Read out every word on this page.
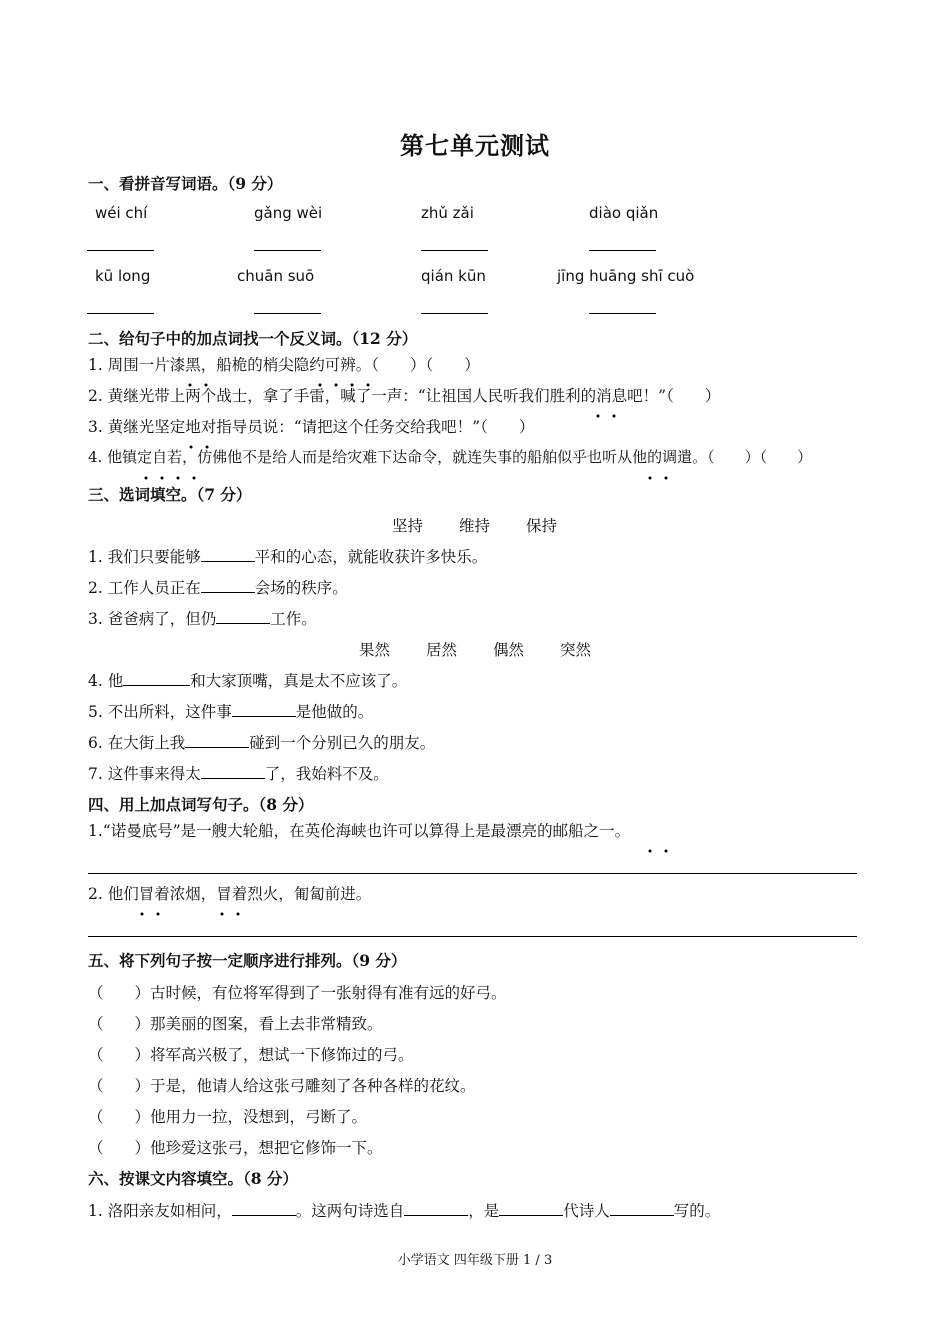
第七单元测试
一、看拼音写词语。（9 分）
wéi chí	gǎng wèi	zhǔ zǎi	diào qiǎn
kū long	chuān suō	qián kūn	jīng huāng shī cuò
二、给句子中的加点词找一个反义词。（12 分）
1. 周围一片漆黑，船桅的梢尖隐约可辨。（　　）（　　）
2. 黄继光带上两个战士，拿了手雷，喊了一声：“让祖国人民听我们胜利的消息吧！”（　　）
3. 黄继光坚定地对指导员说：“请把这个任务交给我吧！”（　　）
4. 他镇定自若，仿佛他不是给人而是给灾难下达命令，就连失事的船舶似乎也听从他的调遣。（　　）（　　）
三、选词填空。（7 分）
坚持 维持 保持
1. 我们只要能够	平和的心态，就能收获许多快乐。
2. 工作人员正在	会场的秩序。
3. 爸爸病了，但仍	工作。
果然 居然 偶然 突然
4. 他	和大家顶嘴，真是太不应该了。
5. 不出所料，这件事	是他做的。
6. 在大街上我	碰到一个分别已久的朋友。
7. 这件事来得太	了，我始料不及。
四、用上加点词写句子。（8 分）
1.“诺曼底号”是一艘大轮船，在英伦海峡也许可以算得上是最漂亮的邮船之一。
2. 他们冒着浓烟，冒着烈火，匍匐前进。
五、将下列句子按一定顺序进行排列。（9 分）
（　　）古时候，有位将军得到了一张射得有准有远的好弓。
（　　）那美丽的图案，看上去非常精致。
（　　）将军高兴极了，想试一下修饰过的弓。
（　　）于是，他请人给这张弓雕刻了各种各样的花纹。
（　　）他用力一拉，没想到，弓断了。
（　　）他珍爱这张弓，想把它修饰一下。
六、按课文内容填空。（8 分）
1. 洛阳亲友如相问，	。这两句诗选自	，是	代诗人	写的。
小学语文 四年级下册 1 / 3
